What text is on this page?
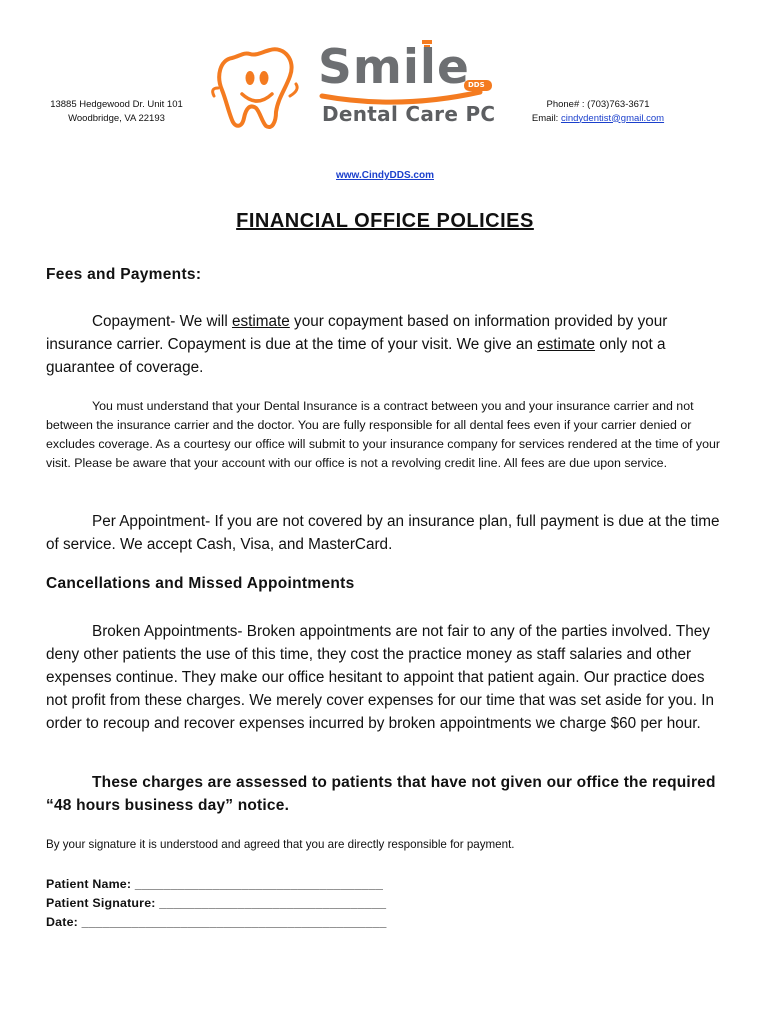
13885 Hedgewood Dr. Unit 101
Woodbridge, VA 22193
Smile
Dental Care PC
DDS
Phone# : (703)763-3671
Email: cindydentist@gmail.com
www.CindyDDS.com
FINANCIAL OFFICE POLICIES
Fees and Payments:
Copayment- We will estimate your copayment based on information provided by your insurance carrier. Copayment is due at the time of your visit. We give an estimate only not a guarantee of coverage.
You must understand that your Dental Insurance is a contract between you and your insurance carrier and not between the insurance carrier and the doctor. You are fully responsible for all dental fees even if your carrier denied or excludes coverage. As a courtesy our office will submit to your insurance company for services rendered at the time of your visit. Please be aware that your account with our office is not a revolving credit line. All fees are due upon service.
Per Appointment- If you are not covered by an insurance plan, full payment is due at the time of service. We accept Cash, Visa, and MasterCard.
Cancellations and Missed Appointments
Broken Appointments- Broken appointments are not fair to any of the parties involved. They deny other patients the use of this time, they cost the practice money as staff salaries and other expenses continue. They make our office hesitant to appoint that patient again. Our practice does not profit from these charges. We merely cover expenses for our time that was set aside for you. In order to recoup and recover expenses incurred by broken appointments we charge $60 per hour.
These charges are assessed to patients that have not given our office the required “48 hours business day” notice.
By your signature it is understood and agreed that you are directly responsible for payment.
Patient Name: ___________________________________
Patient Signature: ________________________________
Date: ___________________________________________
